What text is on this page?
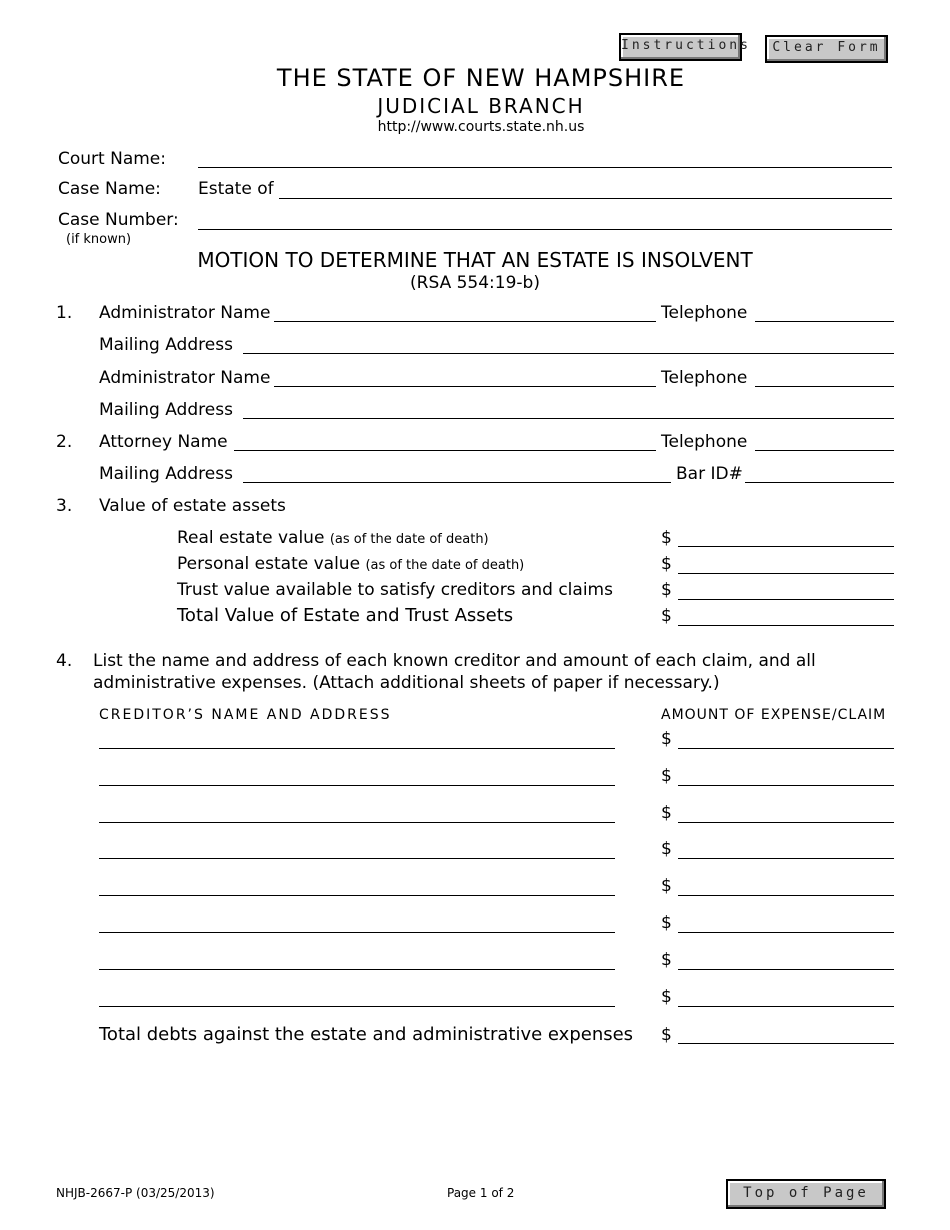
Instructions	Clear Form
THE STATE OF NEW HAMPSHIRE
JUDICIAL BRANCH
http://www.courts.state.nh.us
Court Name:
Case Name: Estate of
Case Number:
(if known)
MOTION TO DETERMINE THAT AN ESTATE IS INSOLVENT
(RSA 554:19-b)
1. Administrator Name	Telephone
Mailing Address
Administrator Name	Telephone
Mailing Address
2. Attorney Name	Telephone
Mailing Address	Bar ID#
3. Value of estate assets
Real estate value (as of the date of death)	$
Personal estate value (as of the date of death)	$
Trust value available to satisfy creditors and claims	$
Total Value of Estate and Trust Assets	$
4. List the name and address of each known creditor and amount of each claim, and all
administrative expenses. (Attach additional sheets of paper if necessary.)
CREDITOR’S NAME AND ADDRESS	AMOUNT OF EXPENSE/CLAIM
$
$
$
$
$
$
$
$
Total debts against the estate and administrative expenses $
NHJB-2667-P (03/25/2013)	Page 1 of 2	Top of Page
